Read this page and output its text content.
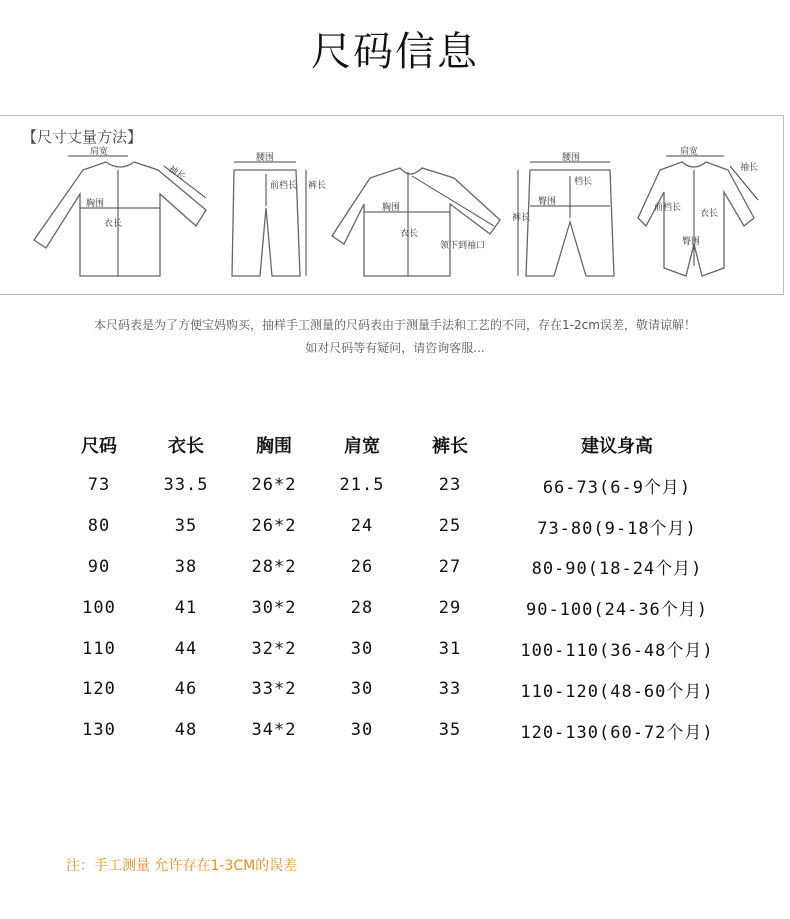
尺码信息
【尺寸丈量方法】
肩宽
袖长
胸围
衣长
腰围
前档长 裤长
胸围
衣长
领下到袖口
腰围
档长
臀围
裤长
肩宽
袖长
前档长
衣长
臀围
本尺码表是为了方便宝妈购买，抽样手工测量的尺码表由于测量手法和工艺的不同，存在1-2cm误差，敬请谅解！
如对尺码等有疑问，请咨询客服...
尺码	衣长	胸围	肩宽	裤长	建议身高
73	33.5	26*2	21.5	23	66-73(6-9个月)
80	35	26*2	24	25	73-80(9-18个月)
90	38	28*2	26	27	80-90(18-24个月)
100	41	30*2	28	29	90-100(24-36个月)
110	44	32*2	30	31	100-110(36-48个月)
120	46	33*2	30	33	110-120(48-60个月)
130	48	34*2	30	35	120-130(60-72个月)
注：手工测量 允许存在1-3CM的误差
